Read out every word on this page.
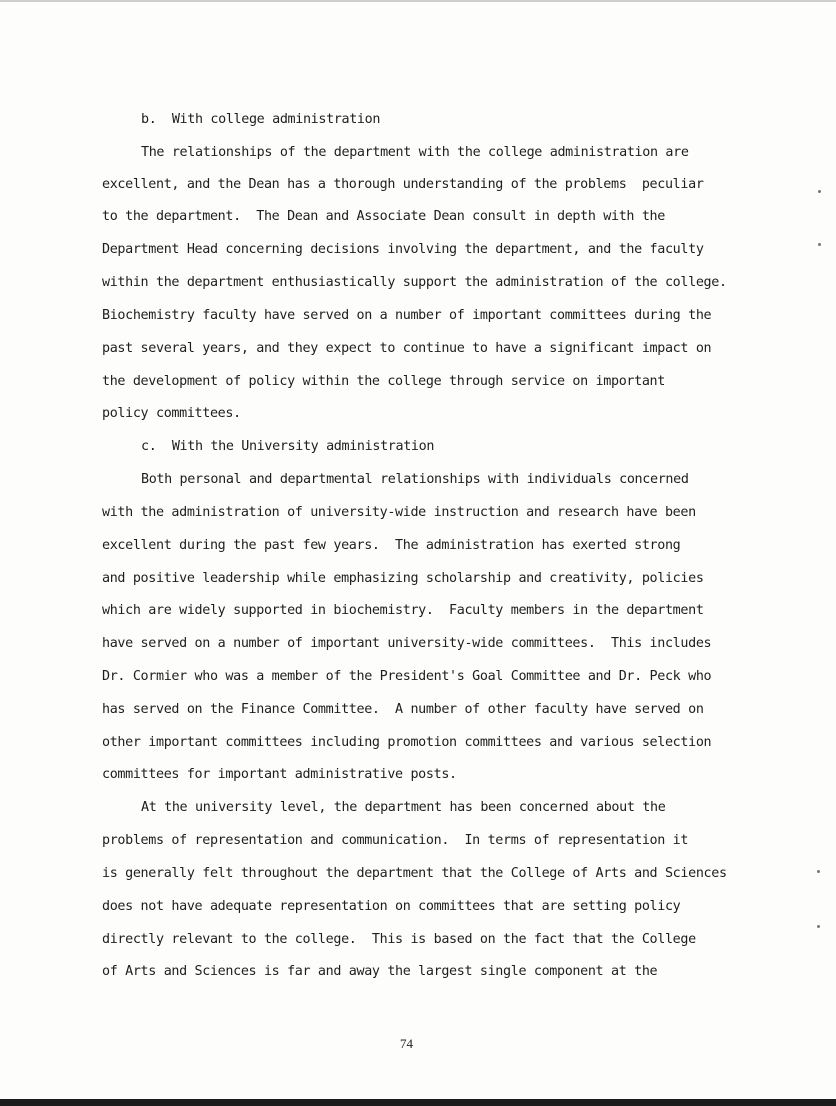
b.  With college administration
The relationships of the department with the college administration are
excellent, and the Dean has a thorough understanding of the problems  peculiar
to the department.  The Dean and Associate Dean consult in depth with the
Department Head concerning decisions involving the department, and the faculty
within the department enthusiastically support the administration of the college.
Biochemistry faculty have served on a number of important committees during the
past several years, and they expect to continue to have a significant impact on
the development of policy within the college through service on important
policy committees.
c.  With the University administration
Both personal and departmental relationships with individuals concerned
with the administration of university-wide instruction and research have been
excellent during the past few years.  The administration has exerted strong
and positive leadership while emphasizing scholarship and creativity, policies
which are widely supported in biochemistry.  Faculty members in the department
have served on a number of important university-wide committees.  This includes
Dr. Cormier who was a member of the President's Goal Committee and Dr. Peck who
has served on the Finance Committee.  A number of other faculty have served on
other important committees including promotion committees and various selection
committees for important administrative posts.
At the university level, the department has been concerned about the
problems of representation and communication.  In terms of representation it
is generally felt throughout the department that the College of Arts and Sciences
does not have adequate representation on committees that are setting policy
directly relevant to the college.  This is based on the fact that the College
of Arts and Sciences is far and away the largest single component at the
74
